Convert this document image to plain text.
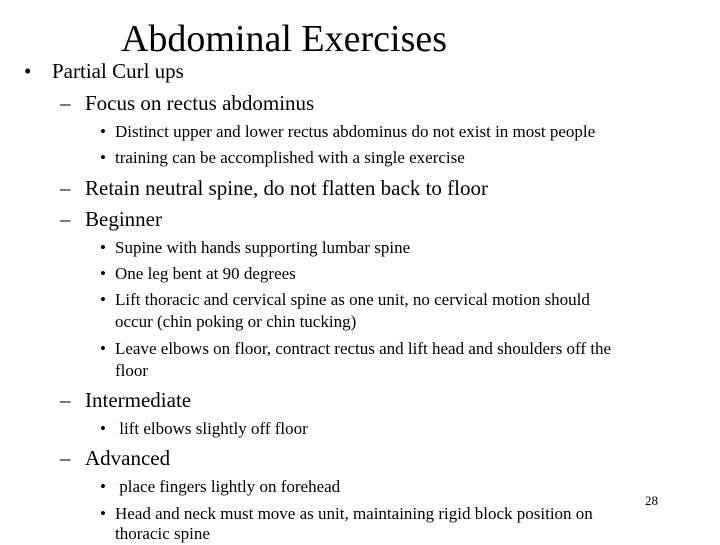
Abdominal Exercises
• Partial Curl ups
– Focus on rectus abdominus
• Distinct upper and lower rectus abdominus do not exist in most people
• training can be accomplished with a single exercise
– Retain neutral spine, do not flatten back to floor
– Beginner
• Supine with hands supporting lumbar spine
• One leg bent at 90 degrees
• Lift thoracic and cervical spine as one unit, no cervical motion should
occur (chin poking or chin tucking)
• Leave elbows on floor, contract rectus and lift head and shoulders off the
floor
– Intermediate
• lift elbows slightly off floor
– Advanced
• place fingers lightly on forehead
• Head and neck must move as unit, maintaining rigid block position on
thoracic spine
28
